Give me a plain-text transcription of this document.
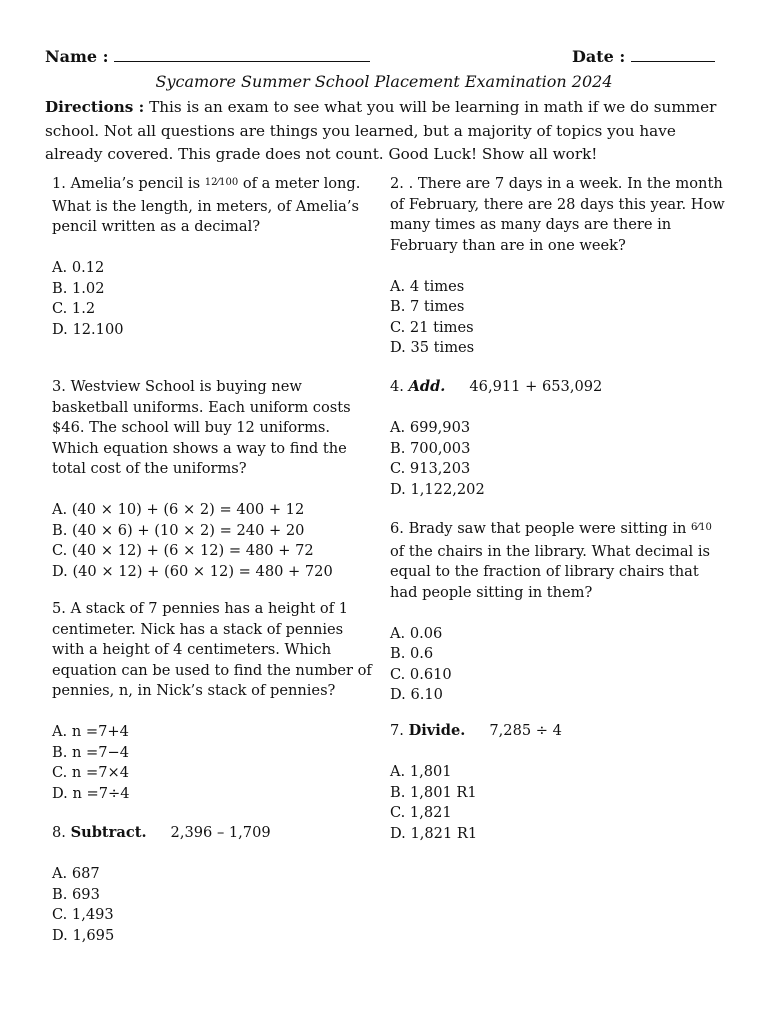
Name :	Date :
Sycamore Summer School Placement Examination 2024
Directions : This is an exam to see what you will be learning in math if we do summer school. Not all questions are things you learned, but a majority of topics you have already covered. This grade does not count. Good Luck! Show all work!
1. Amelia’s pencil is $^{12⁄100}$ of a meter long. What is the length, in meters, of Amelia’s pencil written as a decimal?
A. 0.12
B. 1.02
C. 1.2
D. 12.100
2. . There are 7 days in a week. In the month of February, there are 28 days this year. How many times as many days are there in February than are in one week?
A. 4 times
B. 7 times
C. 21 times
D. 35 times
3. Westview School is buying new basketball uniforms. Each uniform costs $46. The school will buy 12 uniforms. Which equation shows a way to find the total cost of the uniforms?
A. (40 × 10) + (6 × 2) = 400 + 12
B. (40 × 6) + (10 × 2) = 240 + 20
C. (40 × 12) + (6 × 12) = 480 + 72
D. (40 × 12) + (60 × 12) = 480 + 720
4. Add. 46,911 + 653,092
A. 699,903
B. 700,003
C. 913,203
D. 1,122,202
5. A stack of 7 pennies has a height of 1 centimeter. Nick has a stack of pennies with a height of 4 centimeters. Which equation can be used to find the number of pennies, n, in Nick’s stack of pennies?
A. n =7+4
B. n =7−4
C. n =7×4
D. n =7÷4
6. Brady saw that people were sitting in $^{6⁄10}$ of the chairs in the library. What decimal is equal to the fraction of library chairs that had people sitting in them?
A. 0.06
B. 0.6
C. 0.610
D. 6.10
7. Divide. 7,285 ÷ 4
A. 1,801
B. 1,801 R1
C. 1,821
D. 1,821 R1
8. Subtract. 2,396 – 1,709
A. 687
B. 693
C. 1,493
D. 1,695
